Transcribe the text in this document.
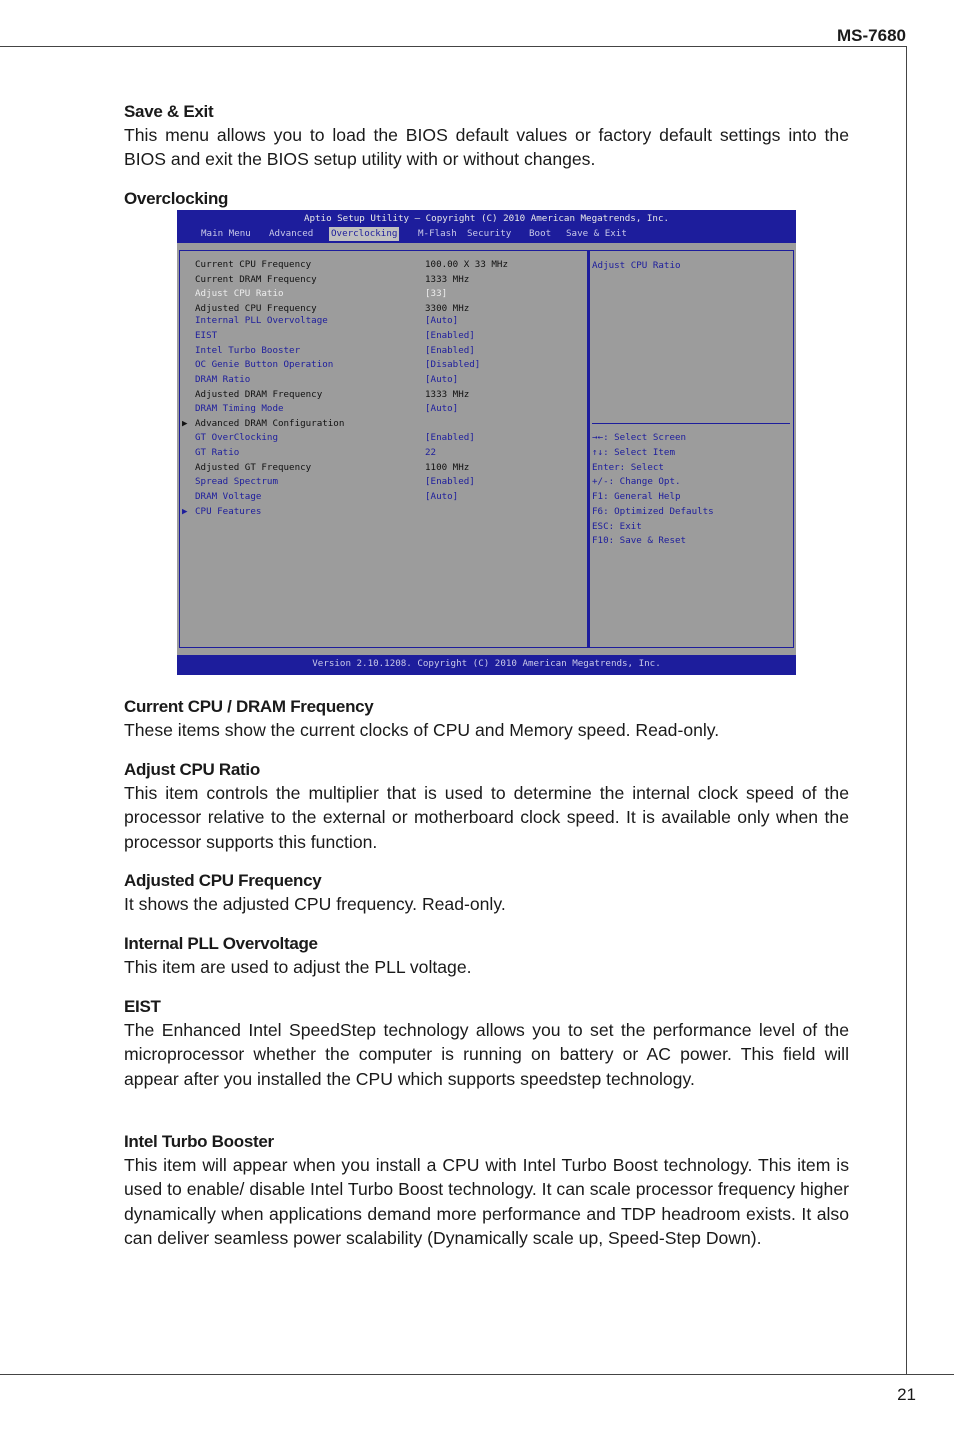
MS-7680
21
Save & Exit

This menu allows you to load the BIOS default values or factory default settings into the BIOS and exit the BIOS setup utility with or without changes.

Overclocking
Aptio Setup Utility – Copyright (C) 2010 American Megatrends, Inc.
Main Menu Advanced Overclocking M-Flash Security Boot Save & Exit
Current CPU Frequency	100.00 X 33 MHz
Current DRAM Frequency	1333 MHz
Adjust CPU Ratio	[33]
Adjusted CPU Frequency	3300 MHz
Internal PLL Overvoltage	[Auto]
EIST	[Enabled]
Intel Turbo Booster	[Enabled]
OC Genie Button Operation	[Disabled]
DRAM Ratio	[Auto]
Adjusted DRAM Frequency	1333 MHz
DRAM Timing Mode	[Auto]
▶ Advanced DRAM Configuration
GT OverClocking	[Enabled]
GT Ratio	22
Adjusted GT Frequency	1100 MHz
Spread Spectrum	[Enabled]
DRAM Voltage	[Auto]
▶ CPU Features
Adjust CPU Ratio
→←: Select Screen
↑↓: Select Item
Enter: Select
+/-: Change Opt.
F1: General Help
F6: Optimized Defaults
ESC: Exit
F10: Save & Reset
Version 2.10.1208. Copyright (C) 2010 American Megatrends, Inc.
Current CPU / DRAM Frequency

These items show the current clocks of CPU and Memory speed. Read-only.

Adjust CPU Ratio

This item controls the multiplier that is used to determine the internal clock speed of the processor relative to the external or motherboard clock speed. It is available only when the processor supports this function.

Adjusted CPU Frequency

It shows the adjusted CPU frequency. Read-only.

Internal PLL Overvoltage

This item are used to adjust the PLL voltage.

EIST

The Enhanced Intel SpeedStep technology allows you to set the performance level of the microprocessor whether the computer is running on battery or AC power. This field will appear after you installed the CPU which supports speedstep technology.

Intel Turbo Booster

This item will appear when you install a CPU with Intel Turbo Boost technology. This item is used to enable/ disable Intel Turbo Boost technology. It can scale processor frequency higher dynamically when applications demand more performance and TDP headroom exists. It also can deliver seamless power scalability (Dynamically scale up, Speed-Step Down).
